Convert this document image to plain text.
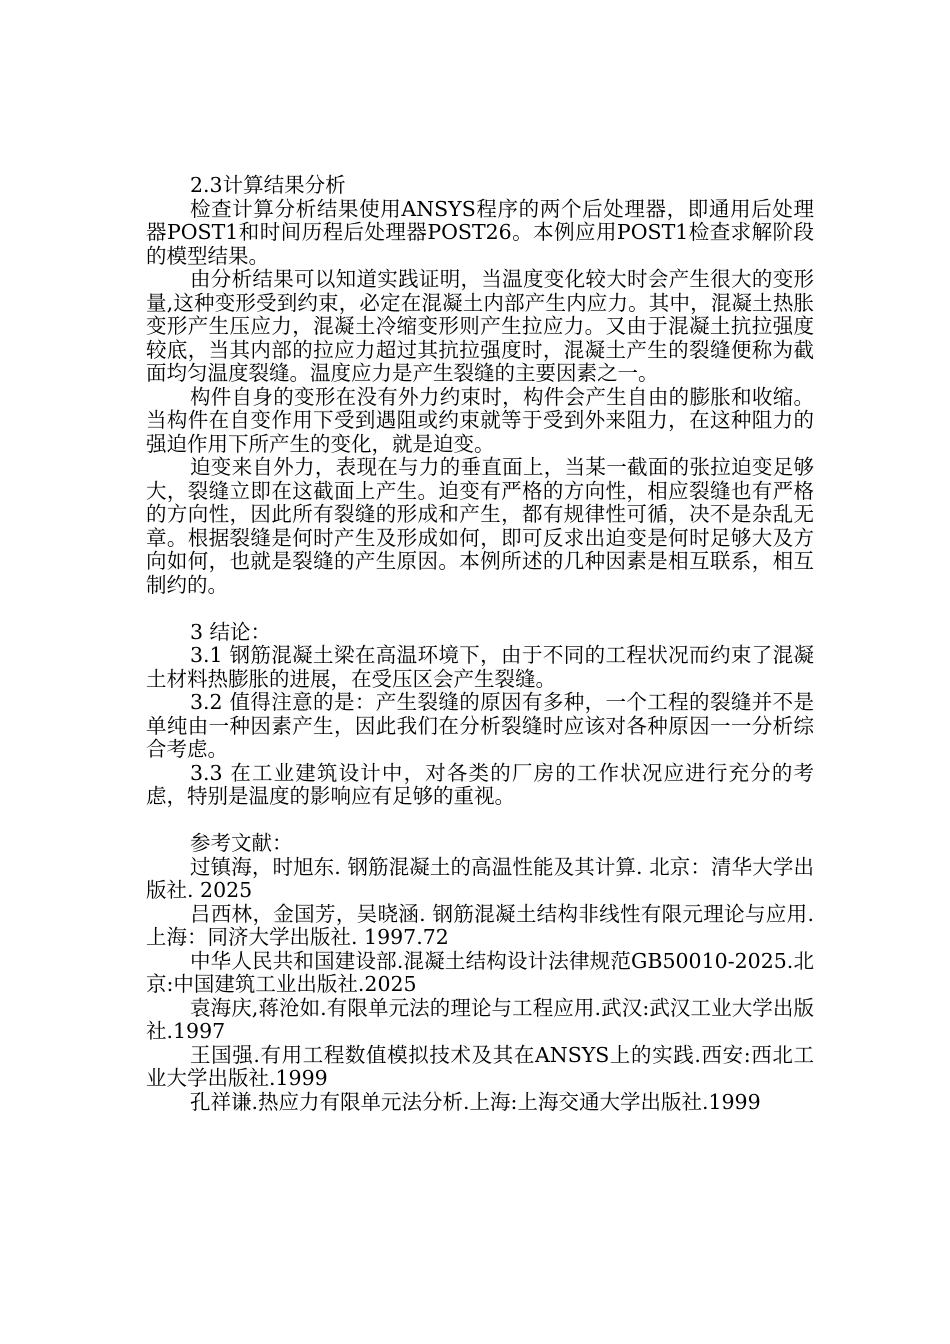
2.3计算结果分析

检查计算分析结果使用ANSYS程序的两个后处理器，即通用后处理器POST1和时间历程后处理器POST26。本例应用POST1检查求解阶段的模型结果。

由分析结果可以知道实践证明，当温度变化较大时会产生很大的变形量,这种变形受到约束，必定在混凝土内部产生内应力。其中，混凝土热胀变形产生压应力，混凝土冷缩变形则产生拉应力。又由于混凝土抗拉强度较底，当其内部的拉应力超过其抗拉强度时，混凝土产生的裂缝便称为截面均匀温度裂缝。温度应力是产生裂缝的主要因素之一。

构件自身的变形在没有外力约束时，构件会产生自由的膨胀和收缩。当构件在自变作用下受到遇阻或约束就等于受到外来阻力，在这种阻力的强迫作用下所产生的变化，就是迫变。

迫变来自外力，表现在与力的垂直面上，当某一截面的张拉迫变足够大，裂缝立即在这截面上产生。迫变有严格的方向性，相应裂缝也有严格的方向性，因此所有裂缝的形成和产生，都有规律性可循，决不是杂乱无章。根据裂缝是何时产生及形成如何，即可反求出迫变是何时足够大及方向如何，也就是裂缝的产生原因。本例所述的几种因素是相互联系，相互制约的。

3 结论：

3.1 钢筋混凝土梁在高温环境下，由于不同的工程状况而约束了混凝土材料热膨胀的进展，在受压区会产生裂缝。

3.2 值得注意的是：产生裂缝的原因有多种，一个工程的裂缝并不是单纯由一种因素产生，因此我们在分析裂缝时应该对各种原因一一分析综合考虑。

3.3 在工业建筑设计中，对各类的厂房的工作状况应进行充分的考虑，特别是温度的影响应有足够的重视。

参考文献：

过镇海，时旭东. 钢筋混凝土的高温性能及其计算. 北京：清华大学出版社. 2025

吕西林，金国芳，吴晓涵. 钢筋混凝土结构非线性有限元理论与应用. 上海：同济大学出版社. 1997.72

中华人民共和国建设部.混凝土结构设计法律规范GB50010-2025.北京:中国建筑工业出版社.2025

袁海庆,蒋沧如.有限单元法的理论与工程应用.武汉:武汉工业大学出版社.1997

王国强.有用工程数值模拟技术及其在ANSYS上的实践.西安:西北工业大学出版社.1999

孔祥谦.热应力有限单元法分析.上海:上海交通大学出版社.1999
